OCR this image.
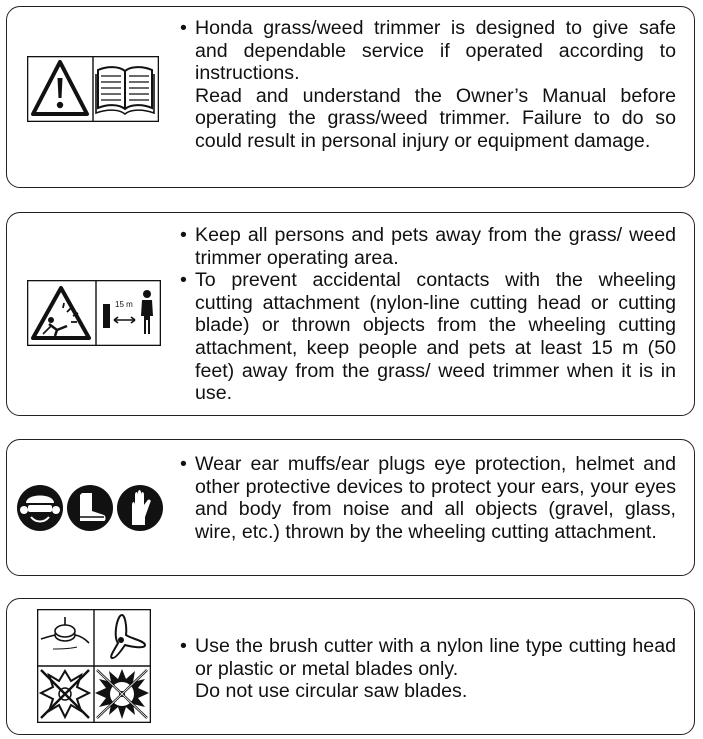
• Honda grass/weed trimmer is designed to give safe and dependable service if operated according to instructions.

Read and understand the Owner’s Manual before operating the grass/weed trimmer. Failure to do so could result in personal injury or equipment damage.

15 m

• Keep all persons and pets away from the grass/ weed trimmer operating area.

• To prevent accidental contacts with the wheeling cutting attachment (nylon-line cutting head or cutting blade) or thrown objects from the wheeling cutting attachment, keep people and pets at least 15 m (50 feet) away from the grass/ weed trimmer when it is in use.

• Wear ear muffs/ear plugs eye protection, helmet and other protective devices to protect your ears, your eyes and body from noise and all objects (gravel, glass, wire, etc.) thrown by the wheeling cutting attachment.

• Use the brush cutter with a nylon line type cutting head or plastic or metal blades only.

Do not use circular saw blades.
